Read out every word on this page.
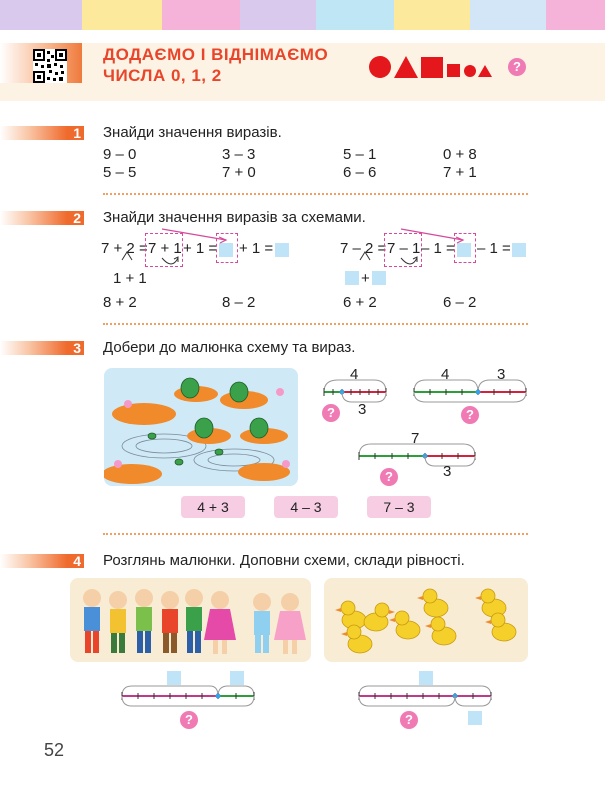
ДОДАЄМО І ВІДНІМАЄМО
ЧИСЛА 0, 1, 2	?
1 Знайди значення виразів.
9 – 0	3 – 3	5 – 1	0 + 8
5 – 5	7 + 0	6 – 6	7 + 1
2 Знайди значення виразів за схемами.
7 + 2 = 7 + 1 + 1 = + 1 =
1 + 1
7 – 2 = 7 – 1 – 1 = – 1 =
+
8 + 2	8 – 2	6 + 2	6 – 2
3 Добери до малюнка схему та вираз.
4
3
?
4	3
?
7
3
?
4 + 3	4 – 3	7 – 3
4 Розглянь малюнки. Доповни схеми, склади рівності.
?	?
52
